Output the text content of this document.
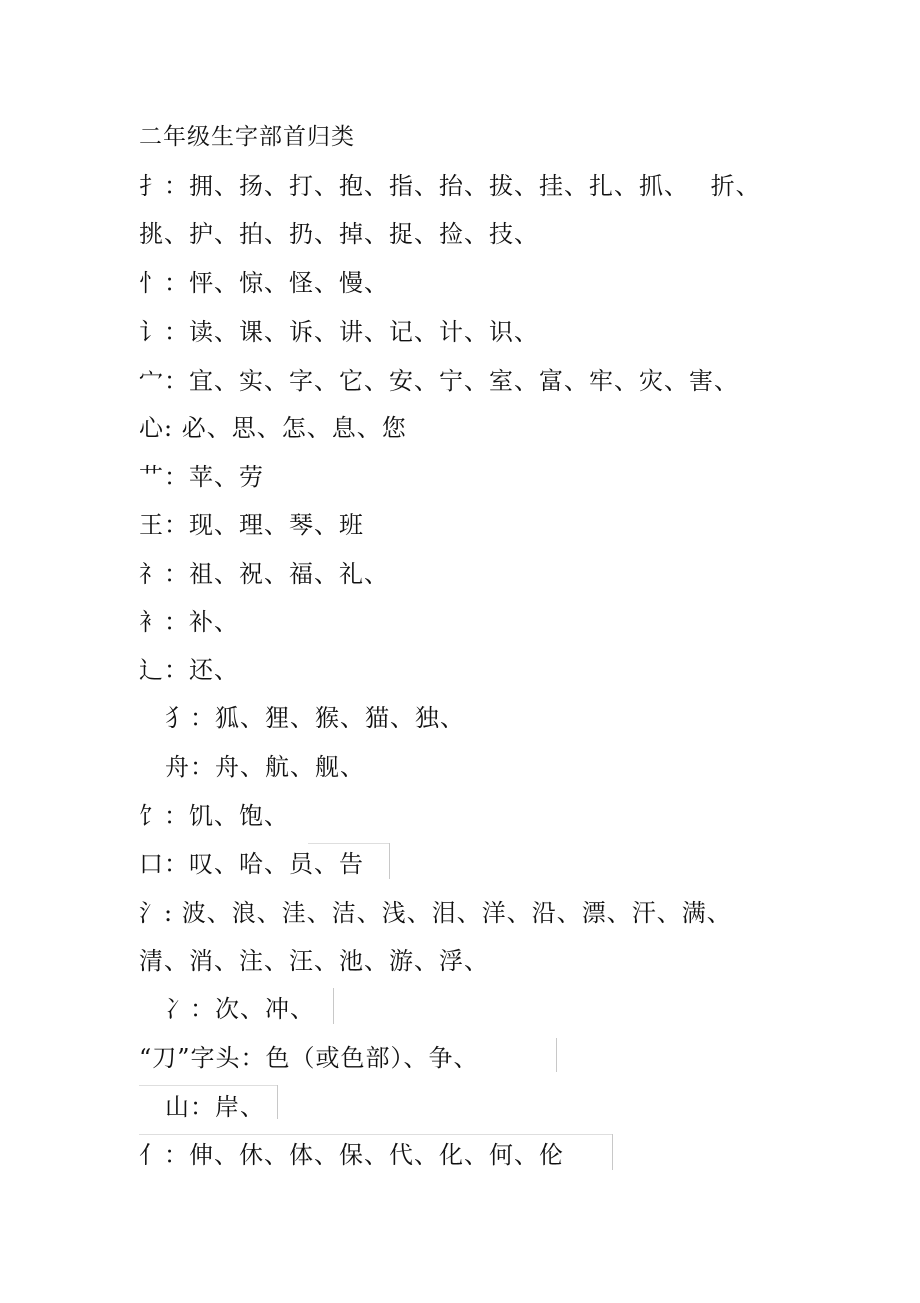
二年级生字部首归类
扌：拥、扬、打、抱、指、抬、拔、挂、扎、抓、　 折、
挑、护、拍、扔、掉、捉、捡、技、
忄：怦、惊、怪、慢、
讠：读、课、诉、讲、记、计、识、
宀：宜、实、字、它、安、宁、室、富、牢、灾、害、
心: 必、思、怎、息、您
艹：苹、劳
王：现、理、琴、班
礻：祖、祝、福、礼、
衤：补、
辶：还、
犭：狐、狸、猴、猫、独、
舟：舟、航、舰、
饣：饥、饱、
口：叹、哈、员、告
氵: 波、浪、洼、洁、浅、泪、洋、沿、漂、汗、满、
清、消、注、汪、池、游、浮、
冫：次、冲、
“刀”字头：色（或色部）、争、
山：岸、
亻：伸、休、体、保、代、化、何、伦
